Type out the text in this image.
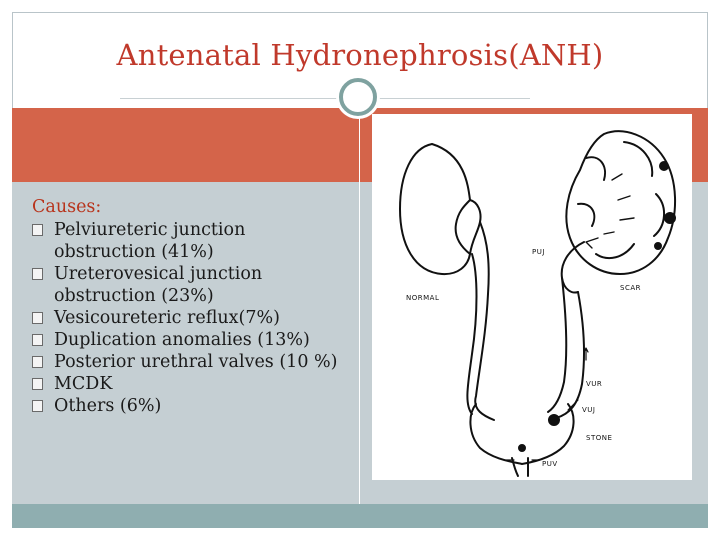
Antenatal Hydronephrosis(ANH)
Causes:
Pelviureteric junction obstruction (41%)
Ureterovesical junction obstruction (23%)
Vesicoureteric reflux(7%)
Duplication anomalies (13%)
Posterior urethral valves (10 %)
MCDK
Others (6%)
NORMAL
PUJ
SCAR
VUR
VUJ
STONE
PUV
